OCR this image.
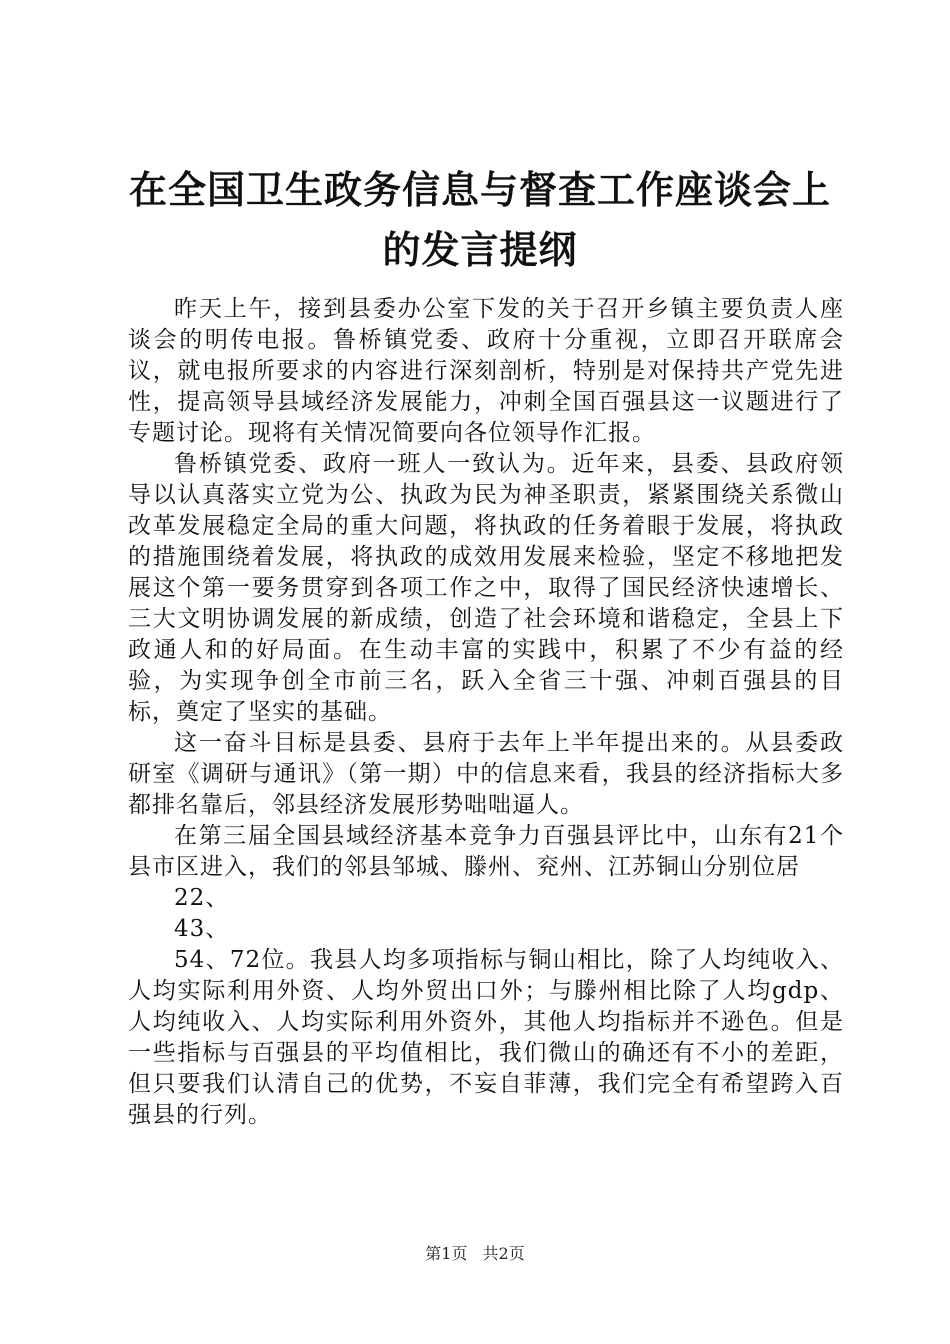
在全国卫生政务信息与督查工作座谈会上的发言提纲

昨天上午，接到县委办公室下发的关于召开乡镇主要负责人座谈会的明传电报。鲁桥镇党委、政府十分重视，立即召开联席会议，就电报所要求的内容进行深刻剖析，特别是对保持共产党先进性，提高领导县域经济发展能力，冲刺全国百强县这一议题进行了专题讨论。现将有关情况简要向各位领导作汇报。

鲁桥镇党委、政府一班人一致认为。近年来，县委、县政府领导以认真落实立党为公、执政为民为神圣职责，紧紧围绕关系微山改革发展稳定全局的重大问题，将执政的任务着眼于发展，将执政的措施围绕着发展，将执政的成效用发展来检验，坚定不移地把发展这个第一要务贯穿到各项工作之中，取得了国民经济快速增长、三大文明协调发展的新成绩，创造了社会环境和谐稳定，全县上下政通人和的好局面。在生动丰富的实践中，积累了不少有益的经验，为实现争创全市前三名，跃入全省三十强、冲刺百强县的目标，奠定了坚实的基础。

这一奋斗目标是县委、县府于去年上半年提出来的。从县委政研室《调研与通讯》（第一期）中的信息来看，我县的经济指标大多都排名靠后，邻县经济发展形势咄咄逼人。

在第三届全国县域经济基本竞争力百强县评比中，山东有21个县市区进入，我们的邻县邹城、滕州、兖州、江苏铜山分别位居

22、

43、

54、72位。我县人均多项指标与铜山相比，除了人均纯收入、人均实际利用外资、人均外贸出口外；与滕州相比除了人均gdp、人均纯收入、人均实际利用外资外，其他人均指标并不逊色。但是一些指标与百强县的平均值相比，我们微山的确还有不小的差距，但只要我们认清自己的优势，不妄自菲薄，我们完全有希望跨入百强县的行列。

第1页 共2页
